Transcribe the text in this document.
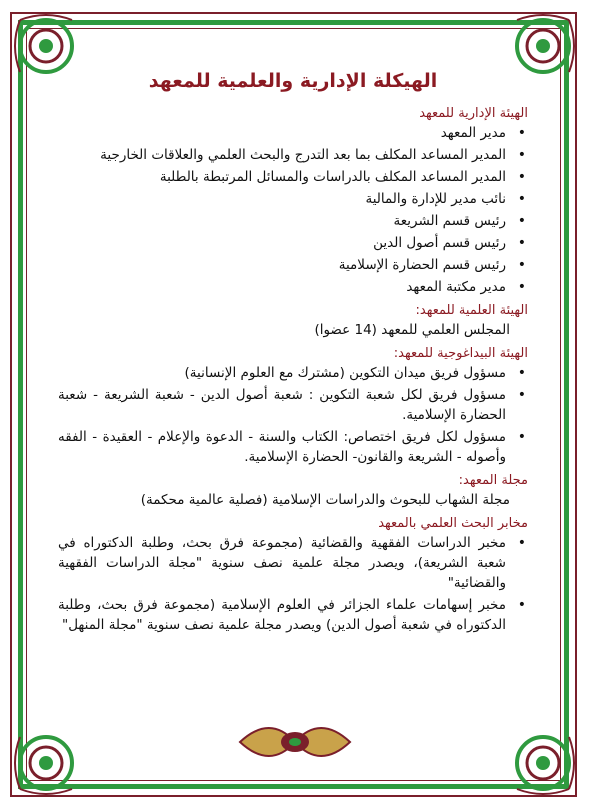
الهيكلة الإدارية والعلمية للمعهد
الهيئة الإدارية للمعهد
• مدير المعهد
• المدير المساعد المكلف بما بعد التدرج والبحث العلمي والعلاقات الخارجية
• المدير المساعد المكلف بالدراسات والمسائل المرتبطة بالطلبة
• نائب مدير للإدارة والمالية
• رئيس قسم الشريعة
• رئيس قسم أصول الدين
• رئيس قسم الحضارة الإسلامية
• مدير مكتبة المعهد
الهيئة العلمية للمعهد:
المجلس العلمي للمعهد (14 عضوا)
الهيئة البيداغوجية للمعهد:
• مسؤول فريق ميدان التكوين (مشترك مع العلوم الإنسانية)
• مسؤول فريق لكل شعبة التكوين : شعبة أصول الدين - شعبة الشريعة - شعبة الحضارة الإسلامية.
• مسؤول لكل فريق اختصاص: الكتاب والسنة - الدعوة والإعلام - العقيدة - الفقه وأصوله - الشريعة والقانون- الحضارة الإسلامية.
مجلة المعهد:
مجلة الشهاب للبحوث والدراسات الإسلامية (فصلية عالمية محكمة)
مخابر البحث العلمي بالمعهد
• مخبر الدراسات الفقهية والقضائية (مجموعة فرق بحث، وطلبة الدكتوراه في شعبة الشريعة)، ويصدر مجلة علمية نصف سنوية "مجلة الدراسات الفقهية والقضائية"
• مخبر إسهامات علماء الجزائر في العلوم الإسلامية (مجموعة فرق بحث، وطلبة الدكتوراه في شعبة أصول الدين) ويصدر مجلة علمية نصف سنوية "مجلة المنهل"
